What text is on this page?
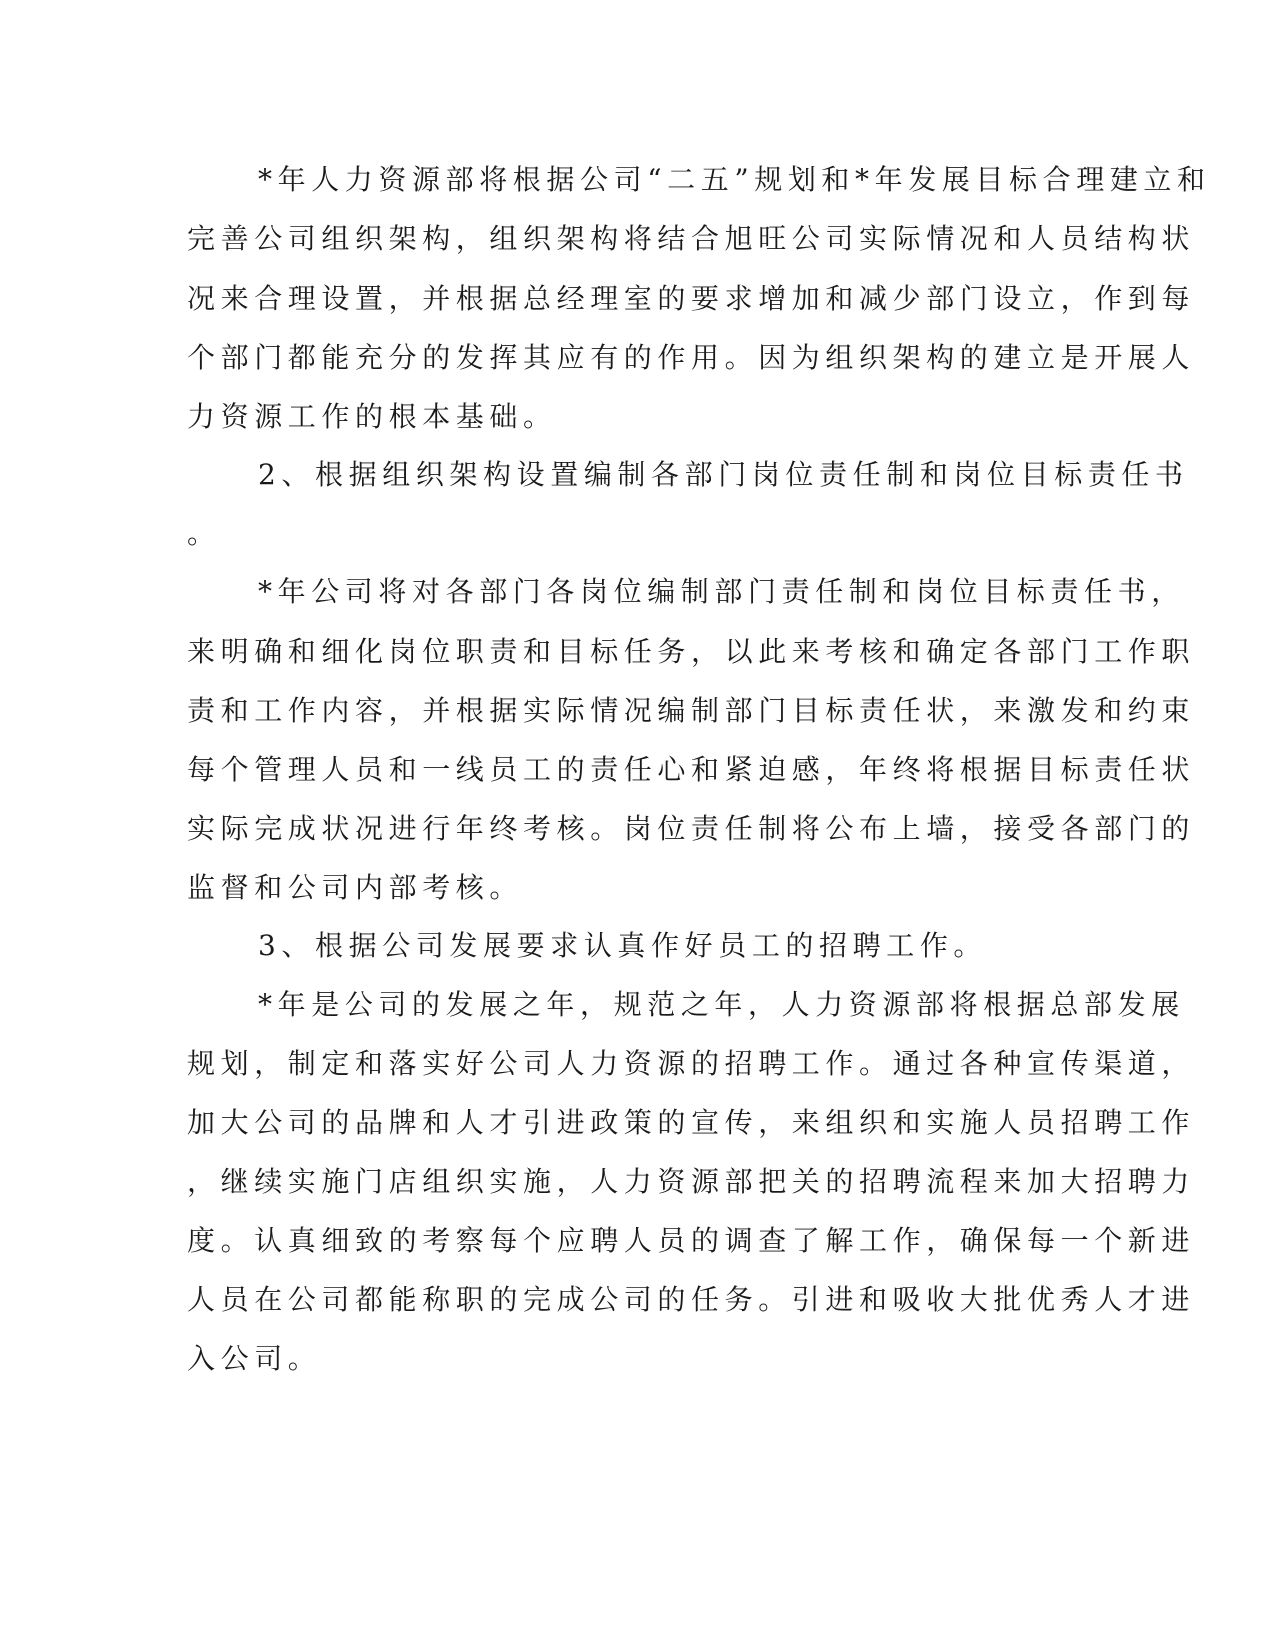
*年人力资源部将根据公司“二五”规划和*年发展目标合理建立和
完善公司组织架构，组织架构将结合旭旺公司实际情况和人员结构状
况来合理设置，并根据总经理室的要求增加和减少部门设立，作到每
个部门都能充分的发挥其应有的作用。因为组织架构的建立是开展人
力资源工作的根本基础。
2、根据组织架构设置编制各部门岗位责任制和岗位目标责任书
。
*年公司将对各部门各岗位编制部门责任制和岗位目标责任书，
来明确和细化岗位职责和目标任务，以此来考核和确定各部门工作职
责和工作内容，并根据实际情况编制部门目标责任状，来激发和约束
每个管理人员和一线员工的责任心和紧迫感，年终将根据目标责任状
实际完成状况进行年终考核。岗位责任制将公布上墙，接受各部门的
监督和公司内部考核。
3、根据公司发展要求认真作好员工的招聘工作。
*年是公司的发展之年，规范之年，人力资源部将根据总部发展
规划，制定和落实好公司人力资源的招聘工作。通过各种宣传渠道，
加大公司的品牌和人才引进政策的宣传，来组织和实施人员招聘工作
，继续实施门店组织实施，人力资源部把关的招聘流程来加大招聘力
度。认真细致的考察每个应聘人员的调查了解工作，确保每一个新进
人员在公司都能称职的完成公司的任务。引进和吸收大批优秀人才进
入公司。
